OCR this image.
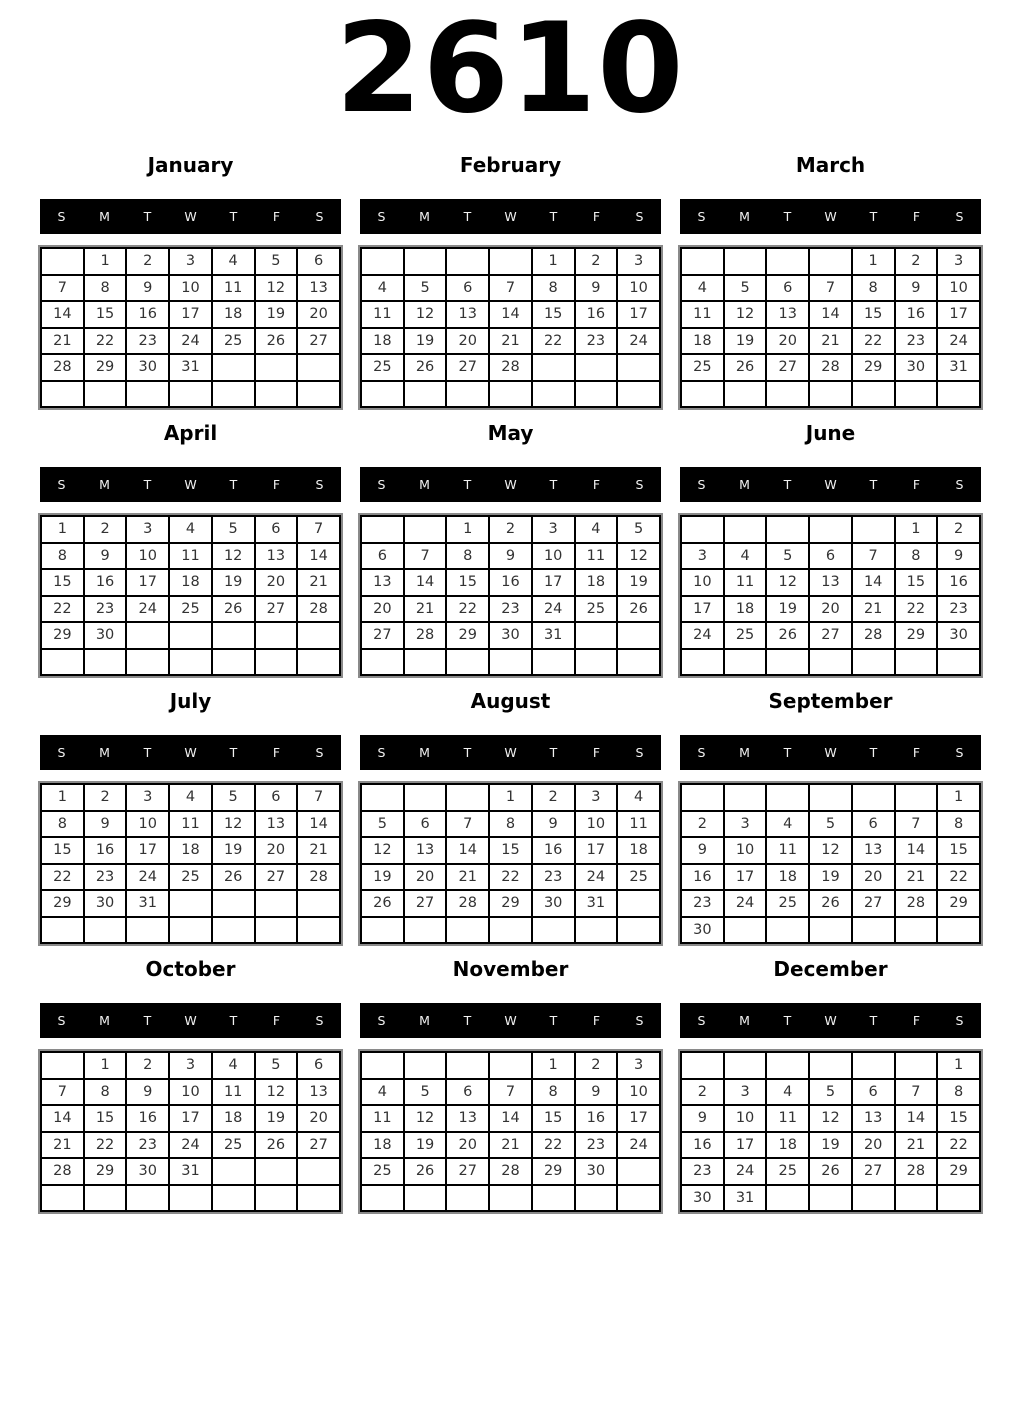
2610
January
S	M	T	W	T	F	S
	1	2	3	4	5	6
7	8	9	10	11	12	13
14	15	16	17	18	19	20
21	22	23	24	25	26	27
28	29	30	31			

February
S	M	T	W	T	F	S
				1	2	3
4	5	6	7	8	9	10
11	12	13	14	15	16	17
18	19	20	21	22	23	24
25	26	27	28			

March
S	M	T	W	T	F	S
				1	2	3
4	5	6	7	8	9	10
11	12	13	14	15	16	17
18	19	20	21	22	23	24
25	26	27	28	29	30	31

April
S	M	T	W	T	F	S
1	2	3	4	5	6	7
8	9	10	11	12	13	14
15	16	17	18	19	20	21
22	23	24	25	26	27	28
29	30					

May
S	M	T	W	T	F	S
		1	2	3	4	5
6	7	8	9	10	11	12
13	14	15	16	17	18	19
20	21	22	23	24	25	26
27	28	29	30	31		

June
S	M	T	W	T	F	S
					1	2
3	4	5	6	7	8	9
10	11	12	13	14	15	16
17	18	19	20	21	22	23
24	25	26	27	28	29	30

July
S	M	T	W	T	F	S
1	2	3	4	5	6	7
8	9	10	11	12	13	14
15	16	17	18	19	20	21
22	23	24	25	26	27	28
29	30	31				

August
S	M	T	W	T	F	S
			1	2	3	4
5	6	7	8	9	10	11
12	13	14	15	16	17	18
19	20	21	22	23	24	25
26	27	28	29	30	31	

September
S	M	T	W	T	F	S
						1
2	3	4	5	6	7	8
9	10	11	12	13	14	15
16	17	18	19	20	21	22
23	24	25	26	27	28	29
30						
October
S	M	T	W	T	F	S
	1	2	3	4	5	6
7	8	9	10	11	12	13
14	15	16	17	18	19	20
21	22	23	24	25	26	27
28	29	30	31			

November
S	M	T	W	T	F	S
				1	2	3
4	5	6	7	8	9	10
11	12	13	14	15	16	17
18	19	20	21	22	23	24
25	26	27	28	29	30	

December
S	M	T	W	T	F	S
						1
2	3	4	5	6	7	8
9	10	11	12	13	14	15
16	17	18	19	20	21	22
23	24	25	26	27	28	29
30	31					
